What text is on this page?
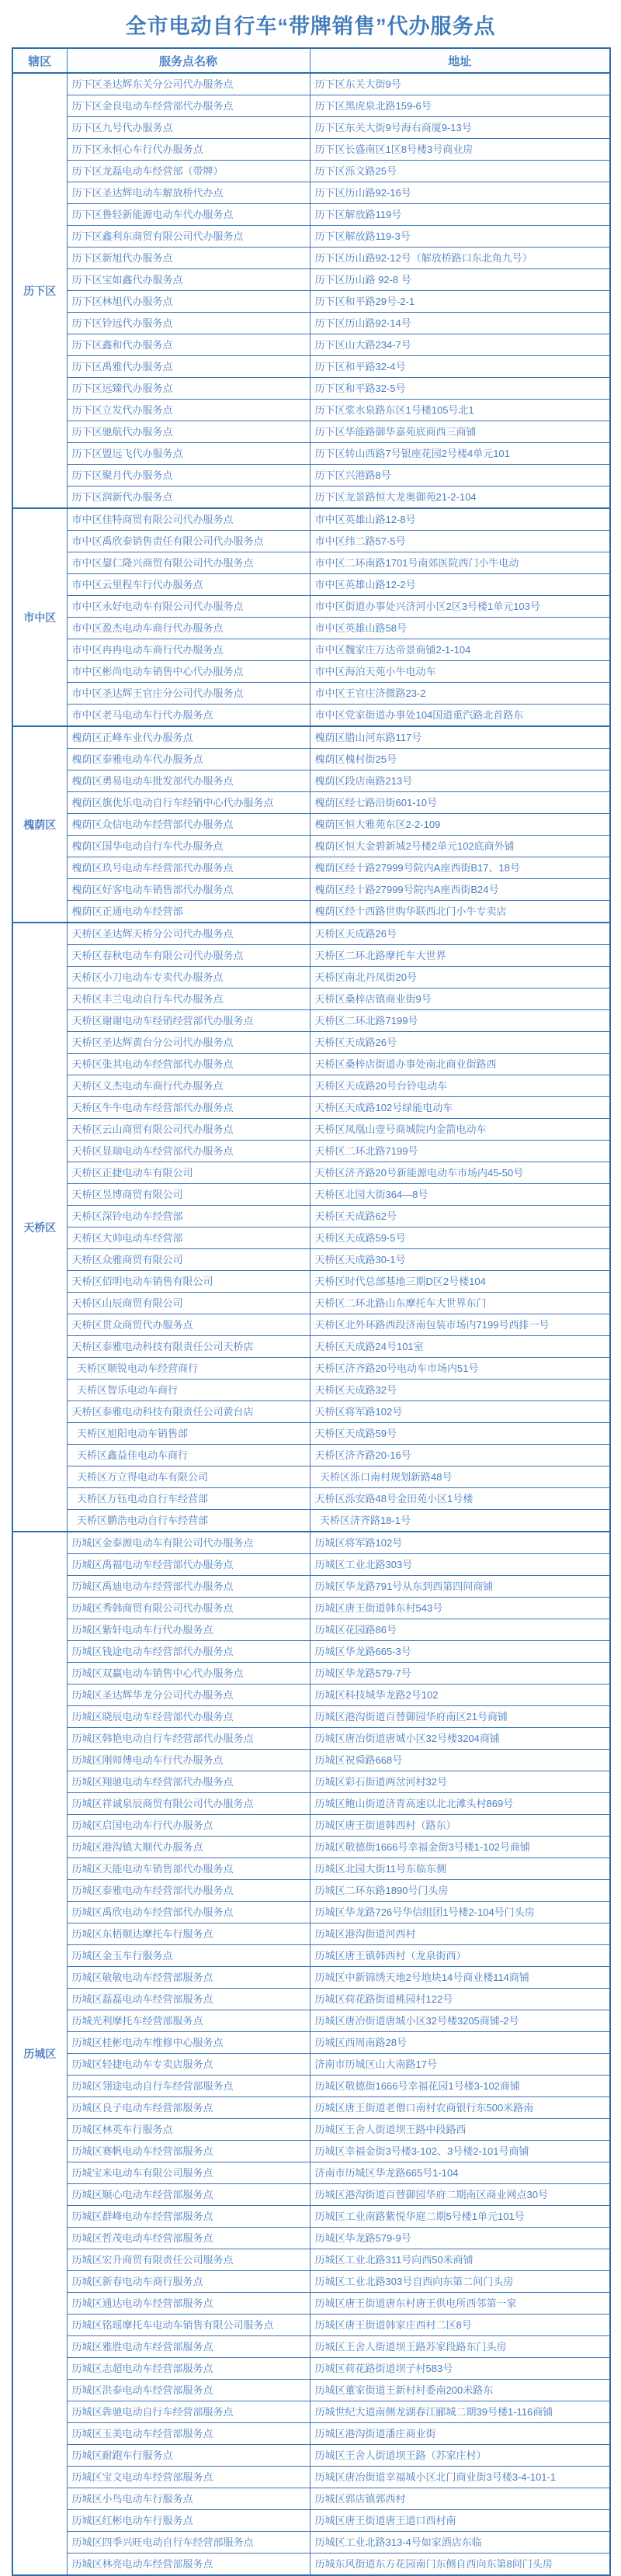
全市电动自行车“带牌销售”代办服务点
辖区	服务点名称	地址
历下区	历下区圣达辉东关分公司代办服务点	历下区东关大街9号
	历下区金良电动车经营部代办服务点	历下区黑虎泉北路159-6号
	历下区九号代办服务点	历下区东关大街9号海右商厦9-13号
	历下区永恒心车行代办服务点	历下区长盛南区1区8号楼3号商业房
	历下区龙磊电动车经营部（带牌）	历下区泺文路25号
	历下区圣达辉电动车解放桥代办点	历下区历山路92-16号
	历下区鲁轻新能源电动车代办服务点	历下区解放路119号
	历下区鑫利东商贸有限公司代办服务点	历下区解放路119-3号
	历下区新旭代办服务点	历下区历山路92-12号（解放桥路口东北角九号）
	历下区宝如鑫代办服务点	历下区历山路 92-8 号
	历下区林旭代办服务点	历下区和平路29号-2-1
	历下区铃远代办服务点	历下区历山路92-14号
	历下区鑫和代办服务点	历下区山大路234-7号
	历下区禹雅代办服务点	历下区和平路32-4号
	历下区远臻代办服务点	历下区和平路32-5号
	历下区立发代办服务点	历下区浆水泉路东区1号楼105号北1
	历下区驰航代办服务点	历下区华能路御华嘉苑底商西三商铺
	历下区盟远飞代办服务点	历下区转山西路7号银座花园2号楼4单元101
	历下区聚月代办服务点	历下区兴港路8号
	历下区润新代办服务点	历下区龙景路恒大龙奥御苑21-2-104
市中区	市中区佳特商贸有限公司代办服务点	市中区英雄山路12-8号
	市中区禹欣泰销售责任有限公司代办服务点	市中区纬二路57-5号
	市中区鋆仁隆兴商贸有限公司代办服务点	市中区二环南路1701号南郊医院西门小牛电动
	市中区云里程车行代办服务点	市中区英雄山路12-2号
	市中区永好电动车有限公司代办服务点	市中区街道办事处兴济河小区2区3号楼1单元103号
	市中区盈杰电动车商行代办服务点	市中区英雄山路58号
	市中区冉冉电动车商行代办服务点	市中区魏家庄万达帝景商铺2-1-104
	市中区彬尚电动车销售中心代办服务点	市中区海泊天苑小牛电动车
	市中区圣达辉王官庄分公司代办服务点	市中区王官庄济微路23-2
	市中区老马电动车行代办服务点	市中区党家街道办事处104国道重汽路北首路东
槐荫区	槐荫区正峰车业代办服务点	槐荫区腊山河东路117号
	槐荫区泰雅电动车代办服务点	槐荫区槐村街25号
	槐荫区勇易电动车批发部代办服务点	槐荫区段店南路213号
	槐荫区旗优乐电动自行车经销中心代办服务点	槐荫区经七路沿街601-10号
	槐荫区众信电动车经营部代办服务点	槐荫区恒大雅苑东区2-2-109
	槐荫区国华电动自行车代办服务点	槐荫区恒大金碧新城2号楼2单元102底商外铺
	槐荫区玖号电动车经营部代办服务点	槐荫区经十路27999号院内A座西街B17、18号
	槐荫区好客电动车销售部代办服务点	槐荫区经十路27999号院内A座西街B24号
	槐荫区正通电动车经营部	槐荫区经十西路世购华联西北门小牛专卖店
天桥区	天桥区圣达辉天桥分公司代办服务点	天桥区天成路26号
	天桥区春秋电动车有限公司代办服务点	天桥区二环北路摩托车大世界
	天桥区小刀电动车专卖代办服务点	天桥区南北丹凤街20号
	天桥区丰兰电动自行车代办服务点	天桥区桑梓店镇商业街9号
	天桥区谢谢电动车经销经营部代办服务点	天桥区二环北路7199号
	天桥区圣达辉黄台分公司代办服务点	天桥区天成路26号
	天桥区张其电动车经营部代办服务点	天桥区桑梓店街道办事处南北商业街路西
	天桥区义杰电动车商行代办服务点	天桥区天成路20号台铃电动车
	天桥区牛牛电动车经营部代办服务点	天桥区天成路102号绿能电动车
	天桥区云山商贸有限公司代办服务点	天桥区凤凰山壹号商城院内金箭电动车
	天桥区显瑞电动车经营部代办服务点	天桥区二环北路7199号
	天桥区正捷电动车有限公司	天桥区济齐路20号新能源电动车市场内45-50号
	天桥区昱博商贸有限公司	天桥区北园大街364—8号
	天桥区深铃电动车经营部	天桥区天成路62号
	天桥区大帅电动车经营部	天桥区天成路59-5号
	天桥区众雅商贸有限公司	天桥区天成路30-1号
	天桥区佰明电动车销售有限公司	天桥区时代总部基地三期D区2号楼104
	天桥区山辰商贸有限公司	天桥区二环北路山东摩托车大世界东门
	天桥区贯众商贸代办服务点	天桥区北外环路西段济南包装市场内7199号西排一号
	天桥区泰雅电动科技有限责任公司天桥店	天桥区天成路24号101室
	 天桥区顺锐电动车经营商行	天桥区济齐路20号电动车市场内51号
	 天桥区智乐电动车商行	天桥区天成路32号
	天桥区泰雅电动科技有限责任公司黄台店	天桥区将军路102号
	 天桥区旭阳电动车销售部	天桥区天成路59号
	 天桥区鑫益佳电动车商行	天桥区济齐路20-16号
	 天桥区万立得电动车有限公司	 天桥区泺口南村规划新路48号
	 天桥区万钰电动自行车经营部	天桥区泺安路48号金田苑小区1号楼
	 天桥区鹏浩电动自行车经营部	 天桥区济齐路18-1号
历城区	历城区金泰源电动车有限公司代办服务点	历城区将军路102号
	历城区禹福电动车经营部代办服务点	历城区工业北路303号
	历城区禹迪电动车经营部代办服务点	历城区华龙路791号从东到西第四间商铺
	历城区秀韩商贸有限公司代办服务点	历城区唐王街道韩东村543号
	历城区紫轩电动车行代办服务点	历城区花园路86号
	历城区钱途电动车经营部代办服务点	历城区华龙路665-3号
	历城区双赢电动车销售中心代办服务点	历城区华龙路579-7号
	历城区圣达辉华龙分公司代办服务点	历城区科技城华龙路2号102
	历城区晓辰电动车经营部代办服务点	历城区港沟街道百替御园华府南区21号商铺
	历城区韩艳电动自行车经营部代办服务点	历城区唐冶街道唐城小区32号楼3204商铺
	历城区刚师傅电动车行代办服务点	历城区祝舜路668号
	历城区翔驰电动车经营部代办服务点	历城区彩石街道两岔河村32号
	历城区祥诚泉辰商贸有限公司代办服务点	历城区鲍山街道济青高速以北北滩头村869号
	历城区启国电动车行代办服务点	历城区唐王街道韩西村（路东）
	历城区港沟镇大顺代办服务点	历城区敬德街1666号幸福金街3号楼1-102号商铺
	历城区天能电动车销售部代办服务点	历城区北园大街11号东临东侧
	历城区泰雅电动车经营部代办服务点	历城区二环东路1890号门头房
	历城区禹欣电动车经营部代办服务点	历城区华龙路726号华信组团1号楼2-104号门头房
	历城区东梧顺达摩托车行服务点	历城区港沟街道河西村
	历城区金玉车行服务点	历城区唐王镇韩西村（龙泉街西）
	历城区敏敏电动车经营部服务点	历城区中新锦绣天地2号地块14号商业楼114商铺
	历城区磊磊电动车经营部服务点	历城区荷花路街道桃园村122号
	历城光利摩托车经营部服务点	历城区唐冶街道唐城小区32号楼3205商铺-2号
	历城区桂彬电动车维修中心服务点	历城区西周南路28号
	历城区轻捷电动车专卖店服务点	济南市历城区山大南路17号
	历城区翎途电动自行车经营部服务点	历城区敬德街1666号幸福花园1号楼3-102商铺
	历城区良子电动车经营部服务点	历城区唐王街道老僧口南村农商银行东500米路南
	历城区林英车行服务点	历城区王舍人街道坝王路中段路西
	历城区赛帆电动车经营部服务点	历城区幸福金街3号楼3-102、3号楼2-101号商铺
	历城宝米电动车有限公司服务点	济南市历城区华龙路665号1-104
	历城区顺心电动车经营部服务点	历城区港沟街道百替御园华府二期南区商业网点30号
	历城区群峰电动车经营部服务点	历城区工业南路紫悦华庭二期5号楼1单元101号
	历城区哲茂电动车经营部服务点	历城区华龙路579-9号
	历城区宏升商贸有限责任公司服务点	历城区工业北路311号向西50米商铺
	历城区新春电动车商行服务点	历城区工业北路303号自西向东第二间门头房
	历城区通达电动车经营部服务点	历城区唐王街道唐东村唐王供电所西邻第一家
	历城区铭瑶摩托车电动车销售有限公司服务点	历城区唐王街道韩家庄西村二区8号
	历城区雅胜电动车经营部服务点	历城区王舍人街道坝王路苏家段路东门头房
	历城区志超电动车经营部服务点	历城区荷花路街道坝子村583号
	历城区洪泰电动车经营部服务点	历城区董家街道王新村村委南200米路东
	历城区犇驰电动自行车经营部服务点	历城世纪大道南侧龙湖春江郦城二期39号楼1-116商铺
	历城区玉美电动车经营部服务点	历城区港沟街道潘庄商业街
	历城区耐跑车行服务点	历城区王舍人街道坝王路（苏家庄村）
	历城区宝文电动车经营部服务点	历城区唐冶街道幸福城小区北门商业街3号楼3-4-101-1
	历城区小鸟电动车行服务点	历城区郭店镇郭西村
	历城区红彬电动车行服务点	历城区唐王街道唐王道口西村南
	历城区四季兴旺电动自行车经营部服务点	历城区工业北路313-4号如家酒店东临
	历城区林亮电动车经营部服务点	历城东风街道东方花园南门东侧自西向东第8间门头房
